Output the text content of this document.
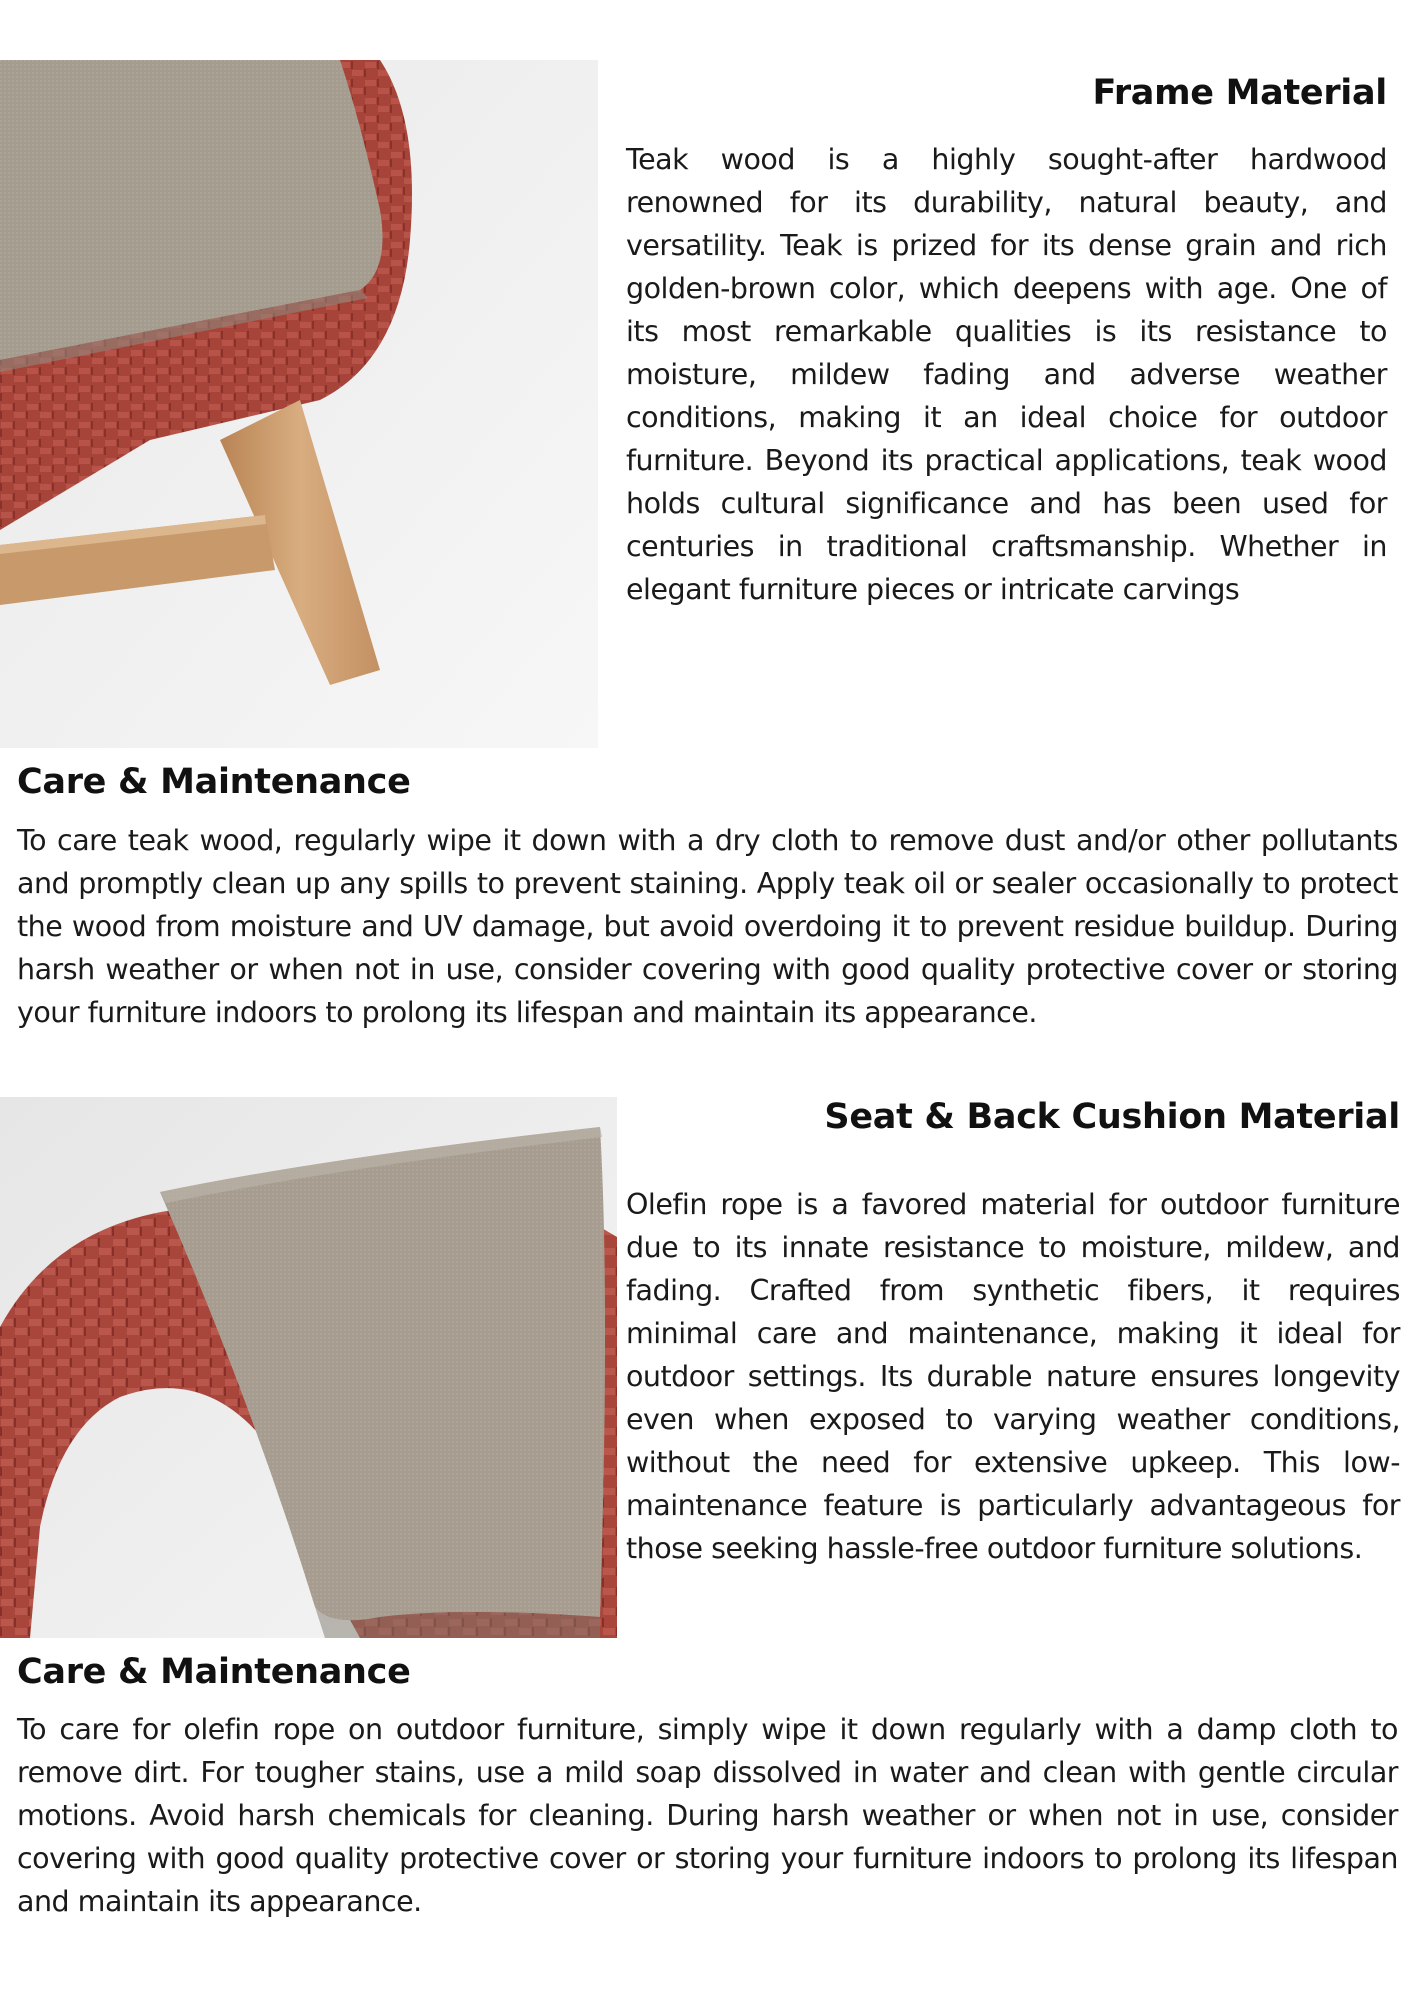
Frame Material

Teak wood is a highly sought-after hardwood renowned for its durability, natural beauty, and versatility. Teak is prized for its dense grain and rich golden-brown color, which deepens with age. One of its most remarkable qualities is its resistance to moisture, mildew fading and adverse weather conditions, making it an ideal choice for outdoor furniture. Beyond its practical applications, teak wood holds cultural significance and has been used for centuries in traditional craftsmanship. Whether in elegant furniture pieces or intricate carvings

Care & Maintenance

To care teak wood, regularly wipe it down with a dry cloth to remove dust and/or other pollutants and promptly clean up any spills to prevent staining. Apply teak oil or sealer occasionally to protect the wood from moisture and UV damage, but avoid overdoing it to prevent residue buildup. During harsh weather or when not in use, consider covering with good quality protective cover or storing your furniture indoors to prolong its lifespan and maintain its appearance.

Seat & Back Cushion Material

Olefin rope is a favored material for outdoor furniture due to its innate resistance to moisture, mildew, and fading. Crafted from synthetic fibers, it requires minimal care and maintenance, making it ideal for outdoor settings. Its durable nature ensures longevity even when exposed to varying weather conditions, without the need for extensive upkeep. This low-maintenance feature is particularly advantageous for those seeking hassle-free outdoor furniture solutions.

Care & Maintenance

To care for olefin rope on outdoor furniture, simply wipe it down regularly with a damp cloth to remove dirt. For tougher stains, use a mild soap dissolved in water and clean with gentle circular motions. Avoid harsh chemicals for cleaning. During harsh weather or when not in use, consider covering with good quality protective cover or storing your furniture indoors to prolong its lifespan and maintain its appearance.
